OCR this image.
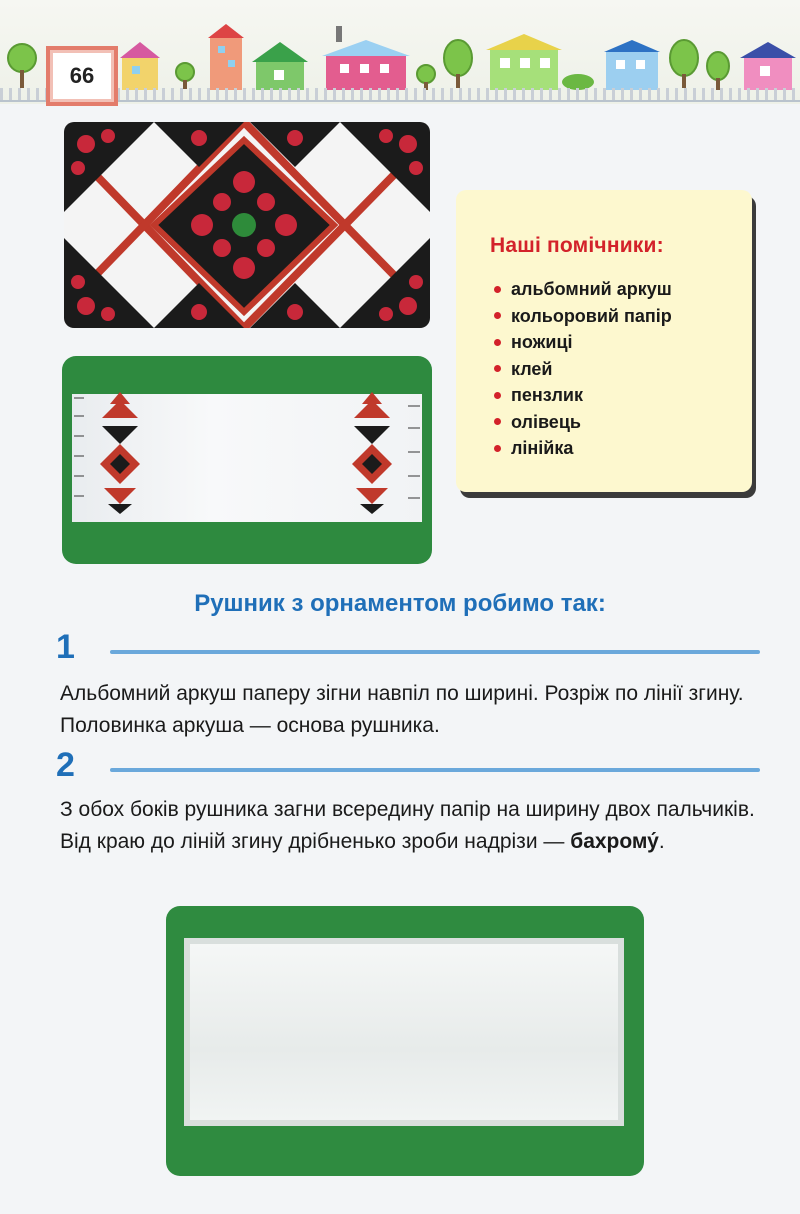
66
Наші помічники:
альбомний аркуш
кольоровий папір
ножиці
клей
пензлик
олівець
лінійка
Рушник з орнаментом робимо так:
1

Альбомний аркуш паперу зігни навпіл по ширині. Розріж по лінії згину. Половинка аркуша — основа рушника.

2

З обох боків рушника загни всередину папір на ширину двох пальчиків. Від краю до ліній згину дрібненько зроби надрізи — бахрому́.
